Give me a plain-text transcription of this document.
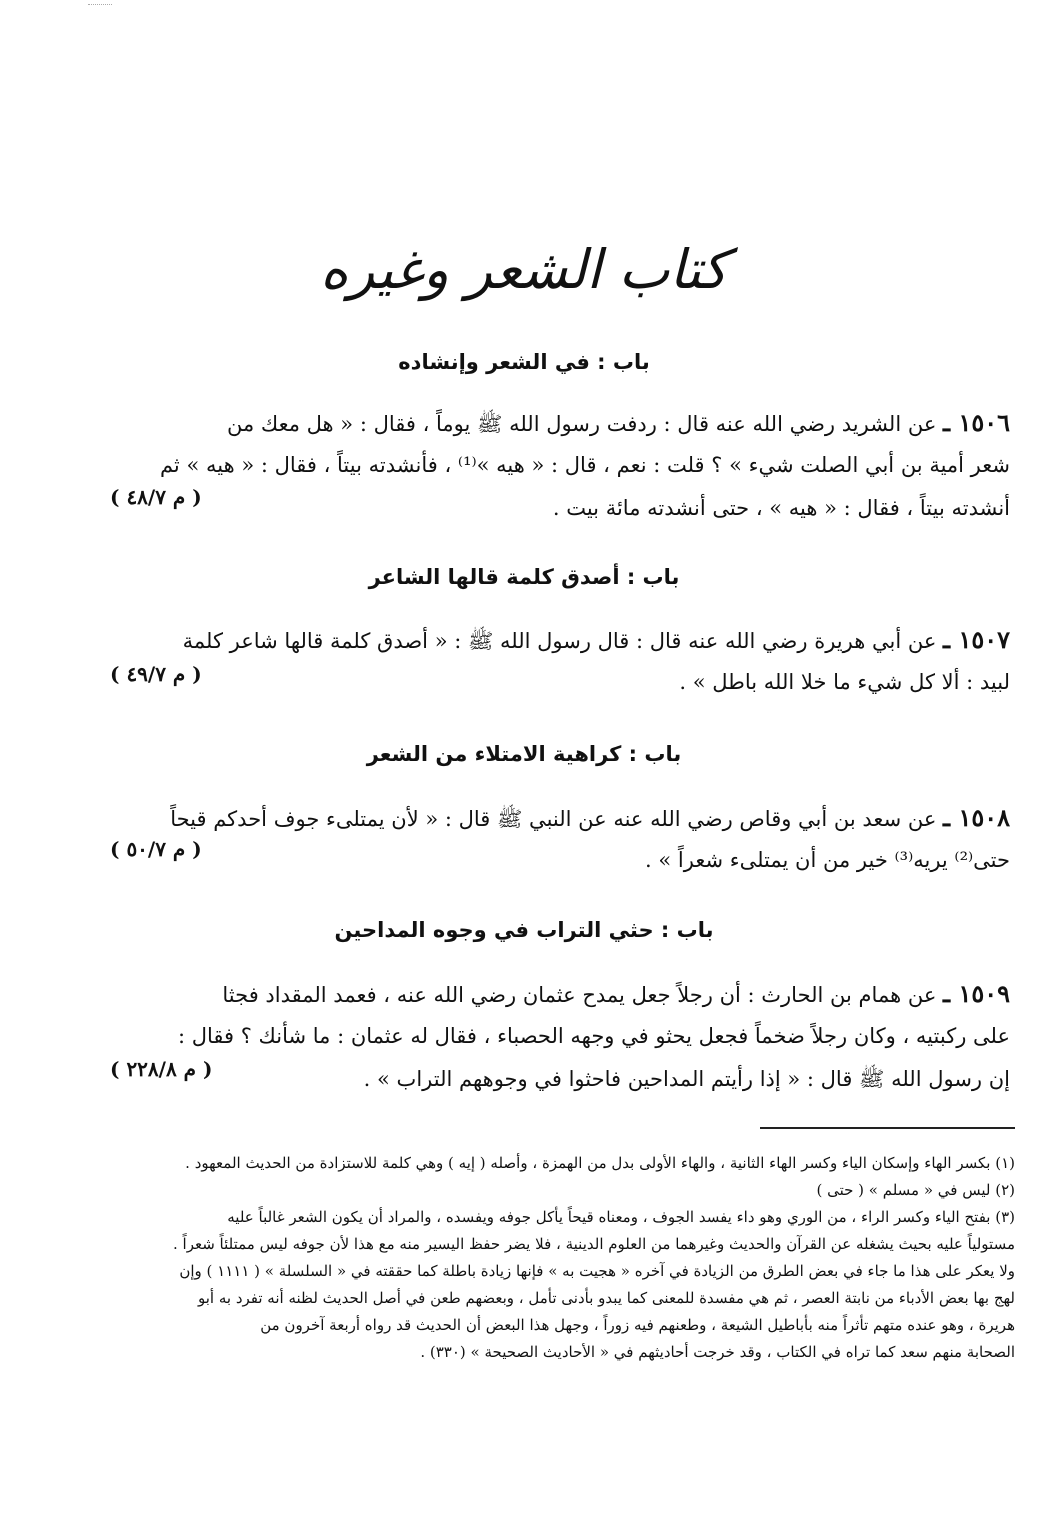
كتاب الشعر وغيره
باب : في الشعر وإنشاده
١٥٠٦ ـ عن الشريد رضي الله عنه قال : ردفت رسول الله ﷺ يوماً ، فقال : « هل معك من
شعر أمية بن أبي الصلت شيء » ؟ قلت : نعم ، قال : « هيه »⁽¹⁾ ، فأنشدته بيتاً ، فقال : « هيه » ثم
أنشدته بيتاً ، فقال : « هيه » ، حتى أنشدته مائة بيت .
( م ٤٨/٧ )
باب : أصدق كلمة قالها الشاعر
١٥٠٧ ـ عن أبي هريرة رضي الله عنه قال : قال رسول الله ﷺ : « أصدق كلمة قالها شاعر كلمة
لبيد : ألا كل شيء ما خلا الله باطل » .
( م ٤٩/٧ )
باب : كراهية الامتلاء من الشعر
١٥٠٨ ـ عن سعد بن أبي وقاص رضي الله عنه عن النبي ﷺ قال : « لأن يمتلىء جوف أحدكم قيحاً
حتى⁽²⁾ يريه⁽³⁾ خير من أن يمتلىء شعراً » .
( م ٥٠/٧ )
باب : حثي التراب في وجوه المداحين
١٥٠٩ ـ عن همام بن الحارث : أن رجلاً جعل يمدح عثمان رضي الله عنه ، فعمد المقداد فجثا
على ركبتيه ، وكان رجلاً ضخماً فجعل يحثو في وجهه الحصباء ، فقال له عثمان : ما شأنك ؟ فقال :
إن رسول الله ﷺ قال : « إذا رأيتم المداحين فاحثوا في وجوههم التراب » .
( م ٢٢٨/٨ )
(١) بكسر الهاء وإسكان الياء وكسر الهاء الثانية ، والهاء الأولى بدل من الهمزة ، وأصله ( إيه ) وهي كلمة للاستزادة من الحديث المعهود .
(٢) ليس في « مسلم » ( حتى )
(٣) بفتح الياء وكسر الراء ، من الوري وهو داء يفسد الجوف ، ومعناه قيحاً يأكل جوفه ويفسده ، والمراد أن يكون الشعر غالباً عليه
مستولياً عليه بحيث يشغله عن القرآن والحديث وغيرهما من العلوم الدينية ، فلا يضر حفظ اليسير منه مع هذا لأن جوفه ليس ممتلئاً شعراً .
ولا يعكر على هذا ما جاء في بعض الطرق من الزيادة في آخره « هجيت به » فإنها زيادة باطلة كما حققته في « السلسلة » ( ١١١١ ) وإن
لهج بها بعض الأدباء من نابتة العصر ، ثم هي مفسدة للمعنى كما يبدو بأدنى تأمل ، وبعضهم طعن في أصل الحديث لظنه أنه تفرد به أبو
هريرة ، وهو عنده متهم تأثراً منه بأباطيل الشيعة ، وطعنهم فيه زوراً ، وجهل هذا البعض أن الحديث قد رواه أربعة آخرون من
الصحابة منهم سعد كما تراه في الكتاب ، وقد خرجت أحاديثهم في « الأحاديث الصحيحة » (٣٣٠) .
